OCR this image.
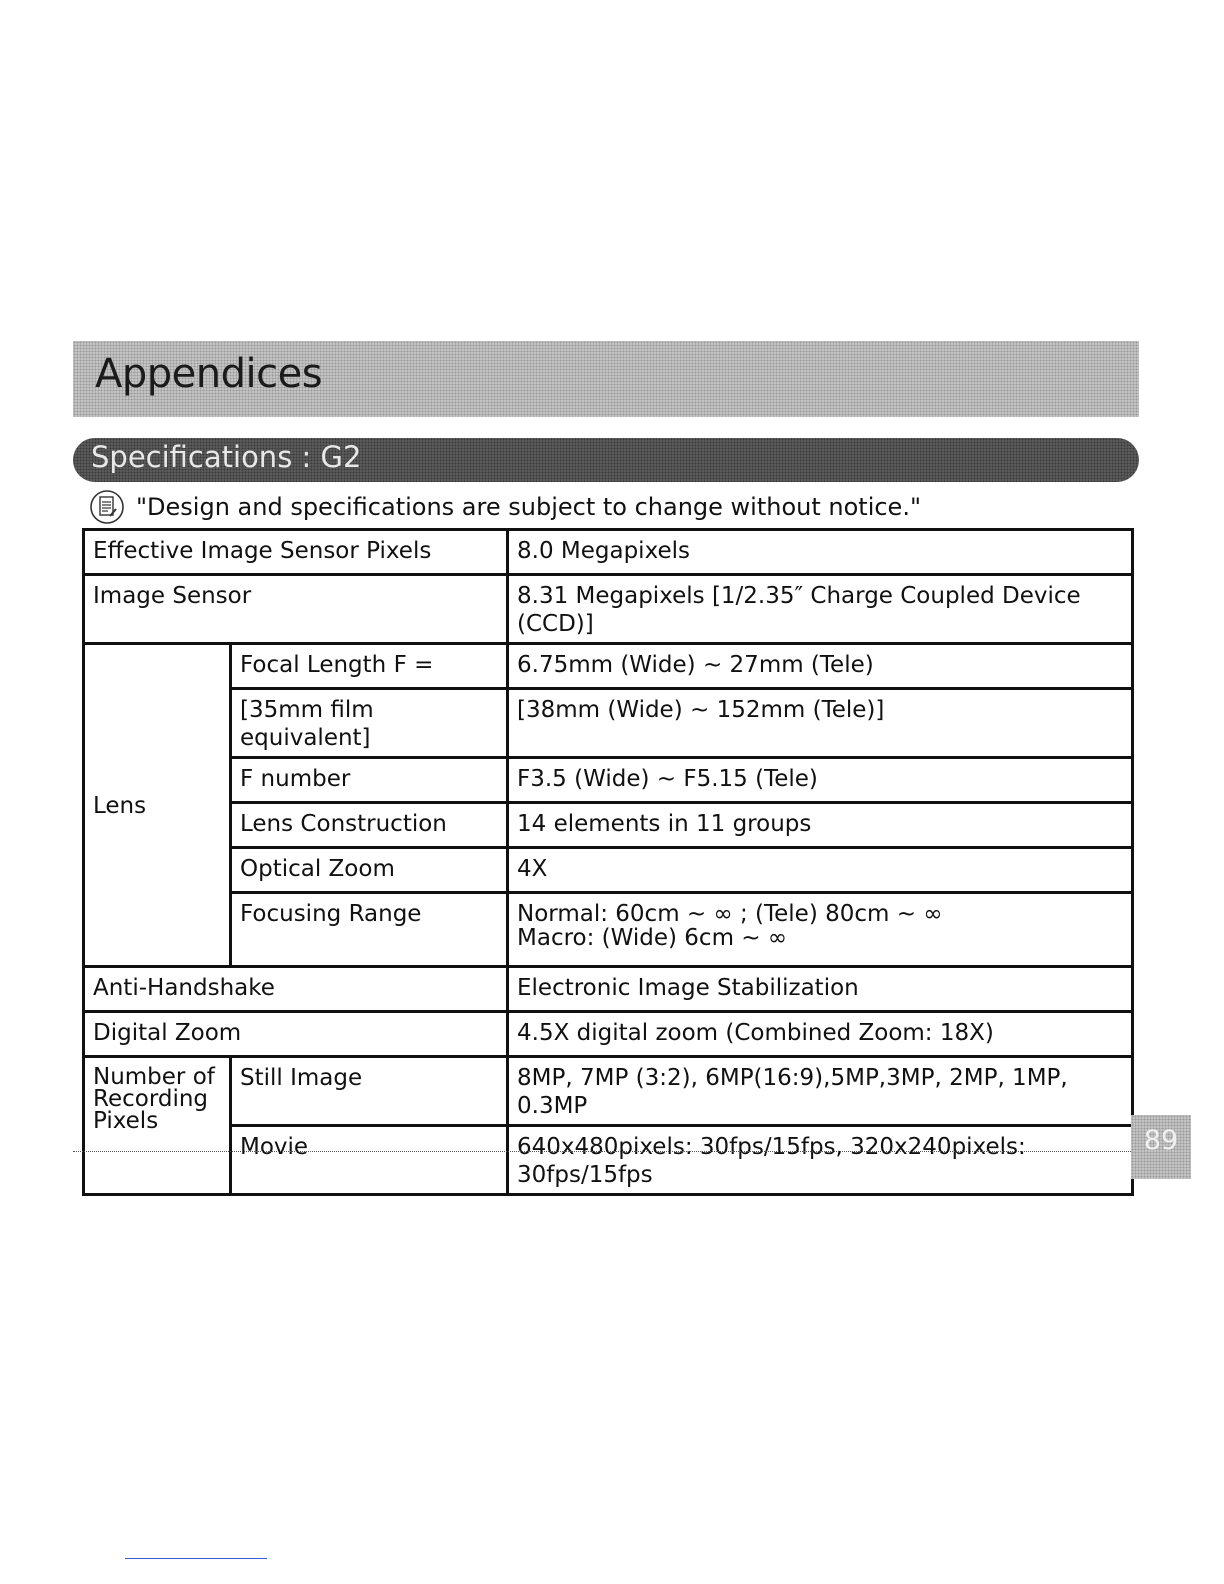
Appendices
Specifications : G2
"Design and specifications are subject to change without notice."
Effective Image Sensor Pixels		8.0 Megapixels
Image Sensor		8.31 Megapixels [1/2.35″ Charge Coupled Device (CCD)]
Lens	Focal Length F =	6.75mm (Wide) ~ 27mm (Tele)
	[35mm film equivalent]	[38mm (Wide) ~ 152mm (Tele)]
	F number	F3.5 (Wide) ~ F5.15 (Tele)
	Lens Construction	14 elements in 11 groups
	Optical Zoom	4X
	Focusing Range	Normal: 60cm ~ ∞ ; (Tele) 80cm ~ ∞
Macro: (Wide) 6cm ~ ∞

Anti-Handshake		Electronic Image Stabilization
Digital Zoom		4.5X digital zoom (Combined Zoom: 18X)

Number of
Recording
Pixels	Still Image	8MP, 7MP (3:2), 6MP(16:9),5MP,3MP, 2MP, 1MP, 0.3MP
	Movie	640x480pixels: 30fps/15fps, 320x240pixels: 30fps/15fps
89
